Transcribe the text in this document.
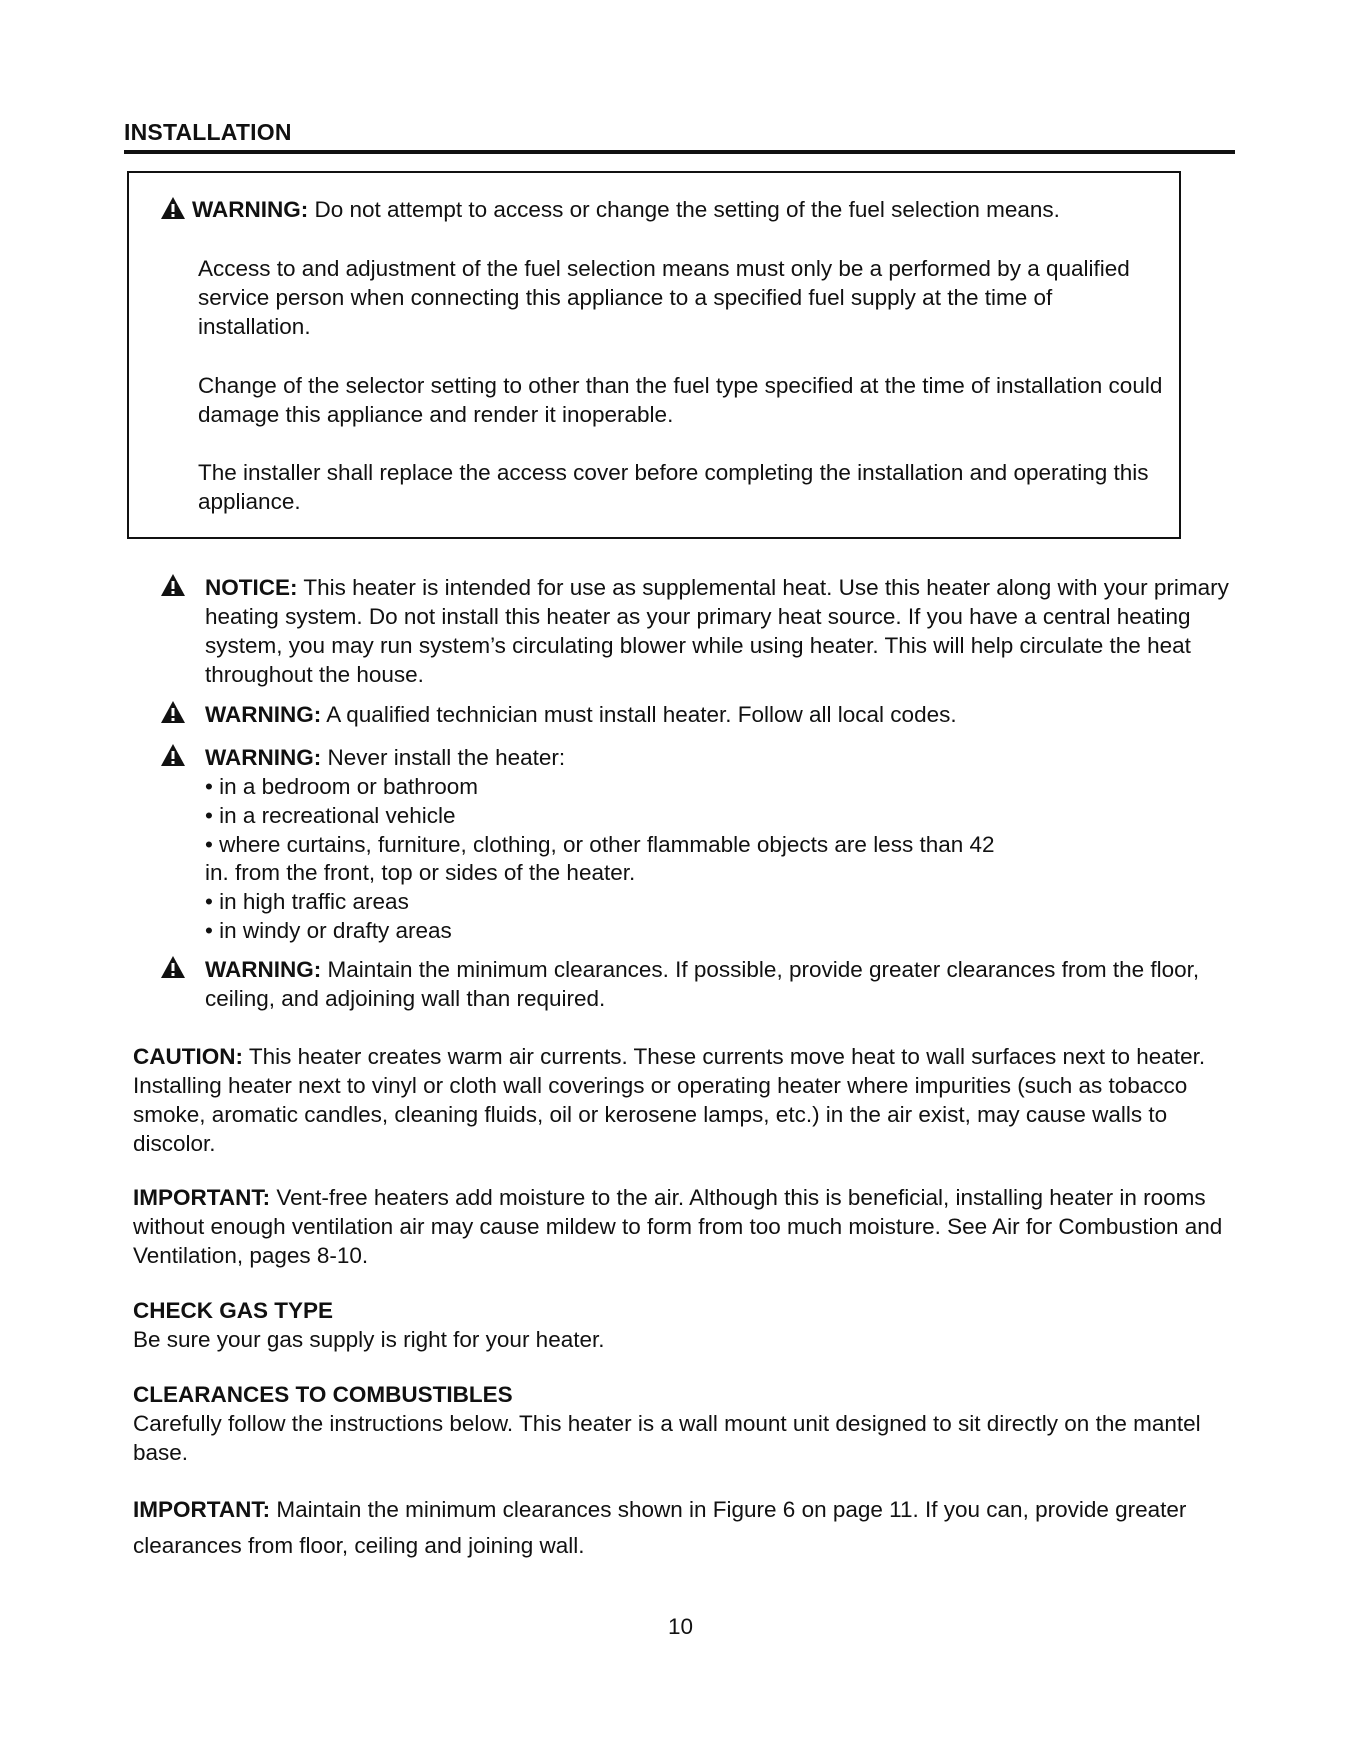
INSTALLATION
WARNING: Do not attempt to access or change the setting of the fuel selection means.
Access to and adjustment of the fuel selection means must only be a performed by a qualified service person when connecting this appliance to a specified fuel supply at the time of installation.
Change of the selector setting to other than the fuel type specified at the time of installation could damage this appliance and render it inoperable.
The installer shall replace the access cover before completing the installation and operating this appliance.
NOTICE: This heater is intended for use as supplemental heat. Use this heater along with your primary heating system. Do not install this heater as your primary heat source. If you have a central heating system, you may run system’s circulating blower while using heater. This will help circulate the heat throughout the house.
WARNING: A qualified technician must install heater. Follow all local codes.
WARNING: Never install the heater:
• in a bedroom or bathroom
• in a recreational vehicle
• where curtains, furniture, clothing, or other flammable objects are less than 42
in. from the front, top or sides of the heater.
• in high traffic areas
• in windy or drafty areas
WARNING: Maintain the minimum clearances. If possible, provide greater clearances from the floor, ceiling, and adjoining wall than required.
CAUTION: This heater creates warm air currents. These currents move heat to wall surfaces next to heater. Installing heater next to vinyl or cloth wall coverings or operating heater where impurities (such as tobacco smoke, aromatic candles, cleaning fluids, oil or kerosene lamps, etc.) in the air exist, may cause walls to discolor.
IMPORTANT: Vent-free heaters add moisture to the air. Although this is beneficial, installing heater in rooms without enough ventilation air may cause mildew to form from too much moisture. See Air for Combustion and Ventilation, pages 8-10.
CHECK GAS TYPE
Be sure your gas supply is right for your heater.
CLEARANCES TO COMBUSTIBLES
Carefully follow the instructions below. This heater is a wall mount unit designed to sit directly on the mantel base.
IMPORTANT: Maintain the minimum clearances shown in Figure 6 on page 11. If you can, provide greater clearances from floor, ceiling and joining wall.
10
